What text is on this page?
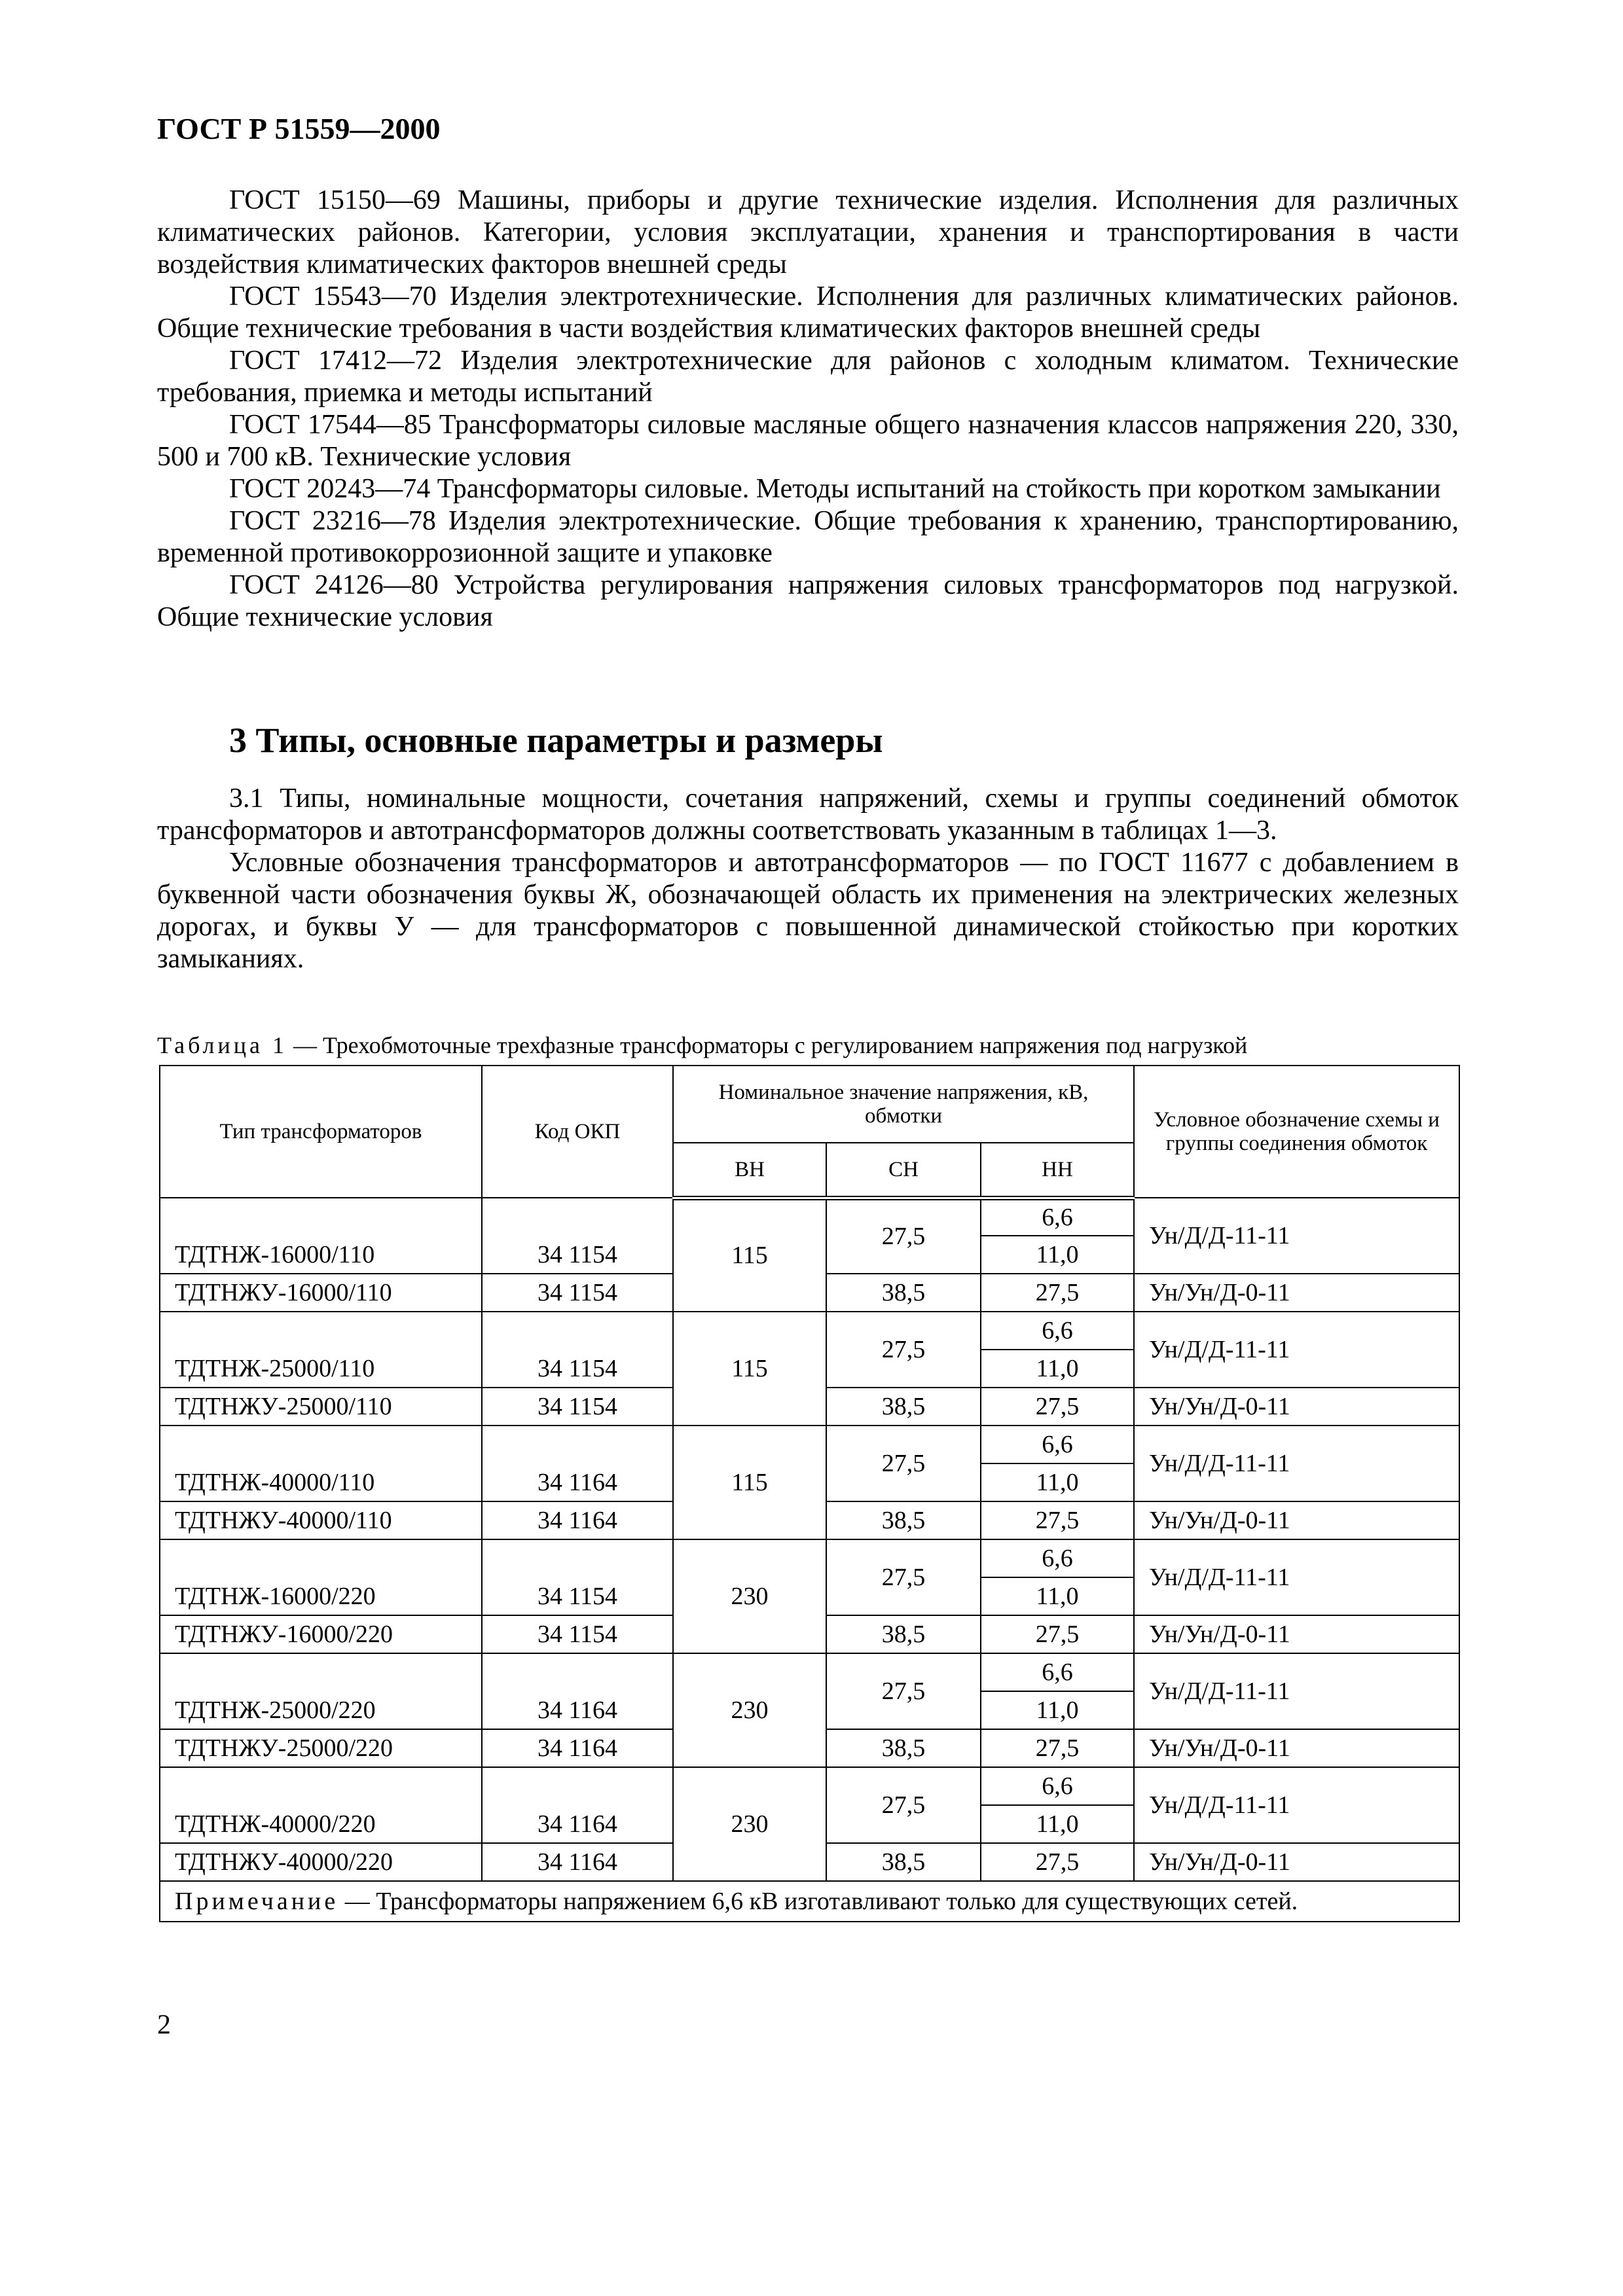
ГОСТ Р 51559—2000

ГОСТ 15150—69 Машины, приборы и другие технические изделия. Исполнения для различных климатических районов. Категории, условия эксплуатации, хранения и транспортирования в части воздействия климатических факторов внешней среды

ГОСТ 15543—70 Изделия электротехнические. Исполнения для различных климатических районов. Общие технические требования в части воздействия климатических факторов внешней среды

ГОСТ 17412—72 Изделия электротехнические для районов с холодным климатом. Технические требования, приемка и методы испытаний

ГОСТ 17544—85 Трансформаторы силовые масляные общего назначения классов напряжения 220, 330, 500 и 700 кВ. Технические условия

ГОСТ 20243—74 Трансформаторы силовые. Методы испытаний на стойкость при коротком замыкании

ГОСТ 23216—78 Изделия электротехнические. Общие требования к хранению, транспортированию, временной противокоррозионной защите и упаковке

ГОСТ 24126—80 Устройства регулирования напряжения силовых трансформаторов под нагрузкой. Общие технические условия

3 Типы, основные параметры и размеры

3.1 Типы, номинальные мощности, сочетания напряжений, схемы и группы соединений обмоток трансформаторов и автотрансформаторов должны соответствовать указанным в таблицах 1—3.

Условные обозначения трансформаторов и автотрансформаторов — по ГОСТ 11677 с добавлением в буквенной части обозначения буквы Ж, обозначающей область их применения на электрических железных дорогах, и буквы У — для трансформаторов с повышенной динамической стойкостью при коротких замыканиях.

Таблица 1 — Трехобмоточные трехфазные трансформаторы с регулированием напряжения под нагрузкой
Тип трансформаторов	Код ОКП	Номинальное значение напряжения, кВ, обмотки			Условное обозначение схемы и группы соединения обмоток
		ВН	СН	НН	
ТДТНЖ-16000/110	34 1154	115	27,5	6,6	Ун/Д/Д-11-11
				11,0	
ТДТНЖУ-16000/110	34 1154		38,5	27,5	Ун/Ун/Д-0-11
ТДТНЖ-25000/110	34 1154	115	27,5	6,6	Ун/Д/Д-11-11
				11,0	
ТДТНЖУ-25000/110	34 1154		38,5	27,5	Ун/Ун/Д-0-11
ТДТНЖ-40000/110	34 1164	115	27,5	6,6	Ун/Д/Д-11-11
				11,0	
ТДТНЖУ-40000/110	34 1164		38,5	27,5	Ун/Ун/Д-0-11
ТДТНЖ-16000/220	34 1154	230	27,5	6,6	Ун/Д/Д-11-11
				11,0	
ТДТНЖУ-16000/220	34 1154		38,5	27,5	Ун/Ун/Д-0-11
ТДТНЖ-25000/220	34 1164	230	27,5	6,6	Ун/Д/Д-11-11
				11,0	
ТДТНЖУ-25000/220	34 1164		38,5	27,5	Ун/Ун/Д-0-11
ТДТНЖ-40000/220	34 1164	230	27,5	6,6	Ун/Д/Д-11-11
				11,0	
ТДТНЖУ-40000/220	34 1164		38,5	27,5	Ун/Ун/Д-0-11
Примечание — Трансформаторы напряжением 6,6 кВ изготавливают только для существующих сетей.					
2
